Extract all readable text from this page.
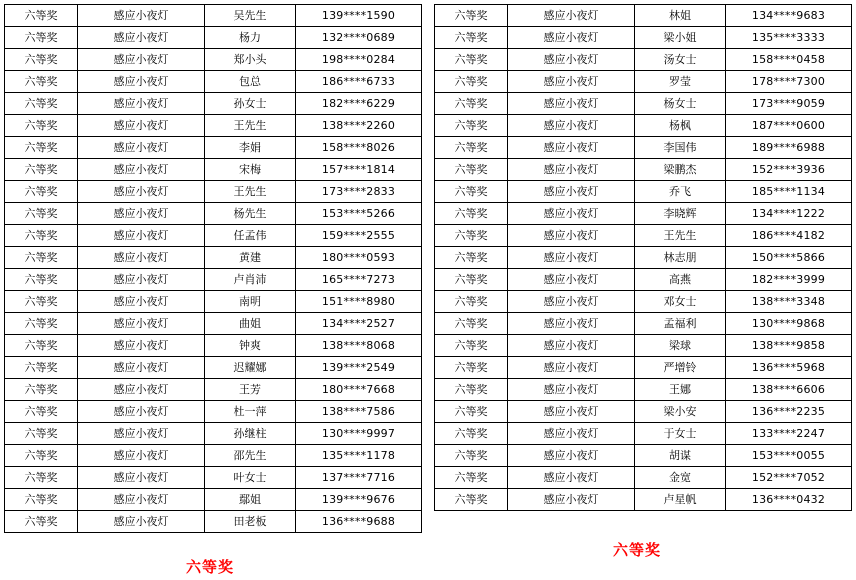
六等奖	感应小夜灯	吴先生	139****1590
六等奖	感应小夜灯	杨力	132****0689
六等奖	感应小夜灯	郑小头	198****0284
六等奖	感应小夜灯	包总	186****6733
六等奖	感应小夜灯	孙女士	182****6229
六等奖	感应小夜灯	王先生	138****2260
六等奖	感应小夜灯	李娟	158****8026
六等奖	感应小夜灯	宋梅	157****1814
六等奖	感应小夜灯	王先生	173****2833
六等奖	感应小夜灯	杨先生	153****5266
六等奖	感应小夜灯	任孟伟	159****2555
六等奖	感应小夜灯	黄建	180****0593
六等奖	感应小夜灯	卢肖沛	165****7273
六等奖	感应小夜灯	南明	151****8980
六等奖	感应小夜灯	曲姐	134****2527
六等奖	感应小夜灯	钟爽	138****8068
六等奖	感应小夜灯	迟耀娜	139****2549
六等奖	感应小夜灯	王芳	180****7668
六等奖	感应小夜灯	杜一萍	138****7586
六等奖	感应小夜灯	孙继柱	130****9997
六等奖	感应小夜灯	邵先生	135****1178
六等奖	感应小夜灯	叶女士	137****7716
六等奖	感应小夜灯	鄢姐	139****9676
六等奖	感应小夜灯	田老板	136****9688
六等奖	感应小夜灯	林姐	134****9683
六等奖	感应小夜灯	梁小姐	135****3333
六等奖	感应小夜灯	汤女士	158****0458
六等奖	感应小夜灯	罗莹	178****7300
六等奖	感应小夜灯	杨女士	173****9059
六等奖	感应小夜灯	杨枫	187****0600
六等奖	感应小夜灯	李国伟	189****6988
六等奖	感应小夜灯	梁鹏杰	152****3936
六等奖	感应小夜灯	乔飞	185****1134
六等奖	感应小夜灯	李晓辉	134****1222
六等奖	感应小夜灯	王先生	186****4182
六等奖	感应小夜灯	林志朋	150****5866
六等奖	感应小夜灯	高燕	182****3999
六等奖	感应小夜灯	邓女士	138****3348
六等奖	感应小夜灯	孟福利	130****9868
六等奖	感应小夜灯	梁球	138****9858
六等奖	感应小夜灯	严增铃	136****5968
六等奖	感应小夜灯	王娜	138****6606
六等奖	感应小夜灯	梁小安	136****2235
六等奖	感应小夜灯	于女士	133****2247
六等奖	感应小夜灯	胡谋	153****0055
六等奖	感应小夜灯	金宽	152****7052
六等奖	感应小夜灯	卢星帆	136****0432
六等奖
六等奖
